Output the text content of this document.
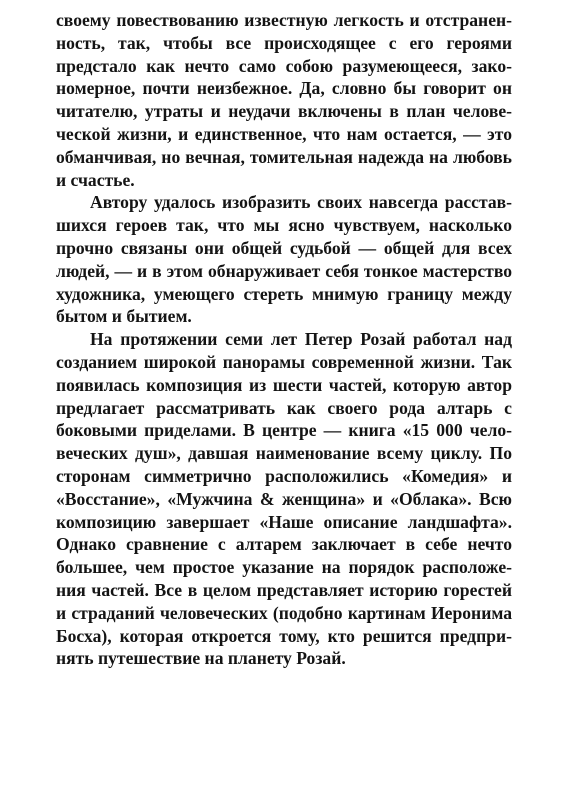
своему повествованию известную легкость и отстранен-
ность, так, чтобы все происходящее с его героями
предстало как нечто само собою разумеющееся, зако-
номерное, почти неизбежное. Да, словно бы говорит он
читателю, утраты и неудачи включены в план челове-
ческой жизни, и единственное, что нам остается, — это
обманчивая, но вечная, томительная надежда на любовь
и счастье.
Автору удалось изобразить своих навсегда расстав-
шихся героев так, что мы ясно чувствуем, насколько
прочно связаны они общей судьбой — общей для всех
людей, — и в этом обнаруживает себя тонкое мастерство
художника, умеющего стереть мнимую границу между
бытом и бытием.
На протяжении семи лет Петер Розай работал над
созданием широкой панорамы современной жизни. Так
появилась композиция из шести частей, которую автор
предлагает рассматривать как своего рода алтарь с
боковыми приделами. В центре — книга «15 000 чело-
веческих душ», давшая наименование всему циклу. По
сторонам симметрично расположились «Комедия» и
«Восстание», «Мужчина & женщина» и «Облака». Всю
композицию завершает «Наше описание ландшафта».
Однако сравнение с алтарем заключает в себе нечто
большее, чем простое указание на порядок расположе-
ния частей. Все в целом представляет историю горестей
и страданий человеческих (подобно картинам Иеронима
Босха), которая откроется тому, кто решится предпри-
нять путешествие на планету Розай.
